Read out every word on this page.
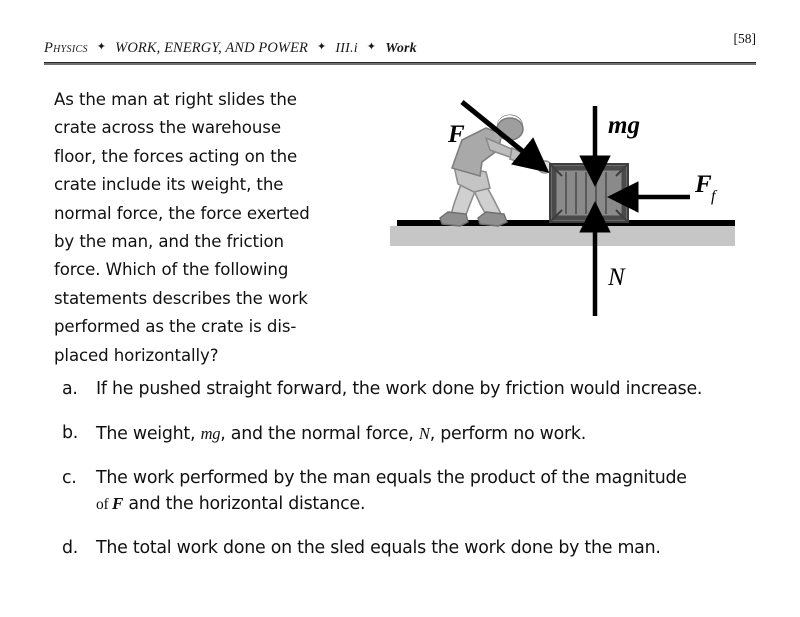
Physics ✦ WORK, ENERGY, AND POWER ✦ III.i ✦ Work
[58]
As the man at right slides the
crate across the warehouse
floor, the forces acting on the
crate include its weight, the
normal force, the force exerted
by the man, and the friction
force. Which of the following
statements describes the work
performed as the crate is dis-
placed horizontally?
F	mg
F f
N
a.	If he pushed straight forward, the work done by friction would increase.
b.	The weight, mg, and the normal force, N, perform no work.
c.	The work performed by the man equals the product of the magnitude
of F and the horizontal distance.
d.	The total work done on the sled equals the work done by the man.
